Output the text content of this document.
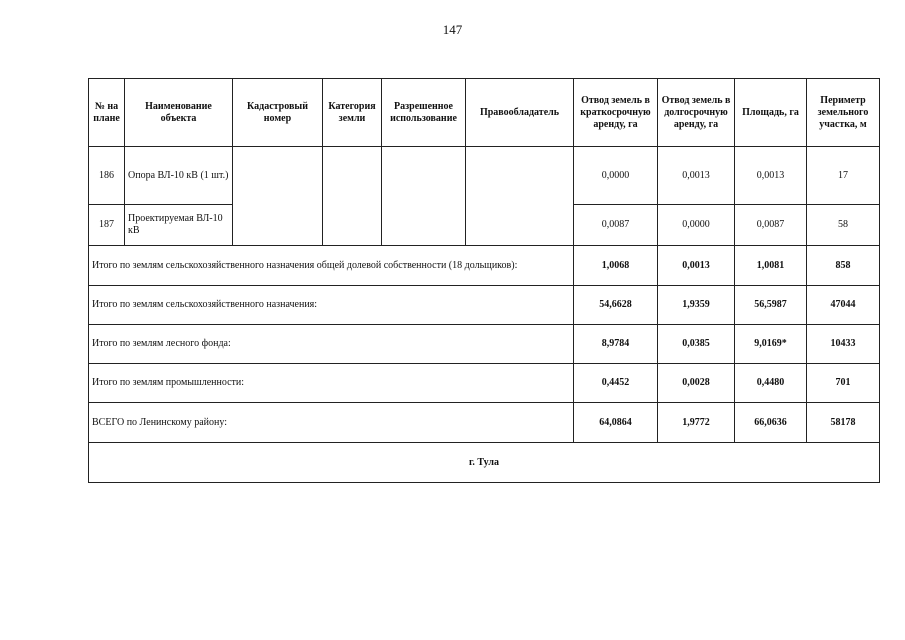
147
№ на плане	Наименование объекта	Кадастровый номер	Категория земли	Разрешенное использование	Правообладатель	Отвод земель в краткосрочную аренду, га	Отвод земель в долгосрочную аренду, га	Площадь, га	Периметр земельного участка, м
186	Опора ВЛ-10 кВ (1 шт.)					0,0000	0,0013	0,0013	17
187	Проектируемая ВЛ-10 кВ					0,0087	0,0000	0,0087	58
Итого по землям сельскохозяйственного назначения общей долевой собственности (18 дольщиков):						1,0068	0,0013	1,0081	858
Итого по землям сельскохозяйственного назначения:						54,6628	1,9359	56,5987	47044
Итого по землям лесного фонда:						8,9784	0,0385	9,0169*	10433
Итого по землям промышленности:						0,4452	0,0028	0,4480	701
ВСЕГО по Ленинскому району:						64,0864	1,9772	66,0636	58178
г. Тула									
